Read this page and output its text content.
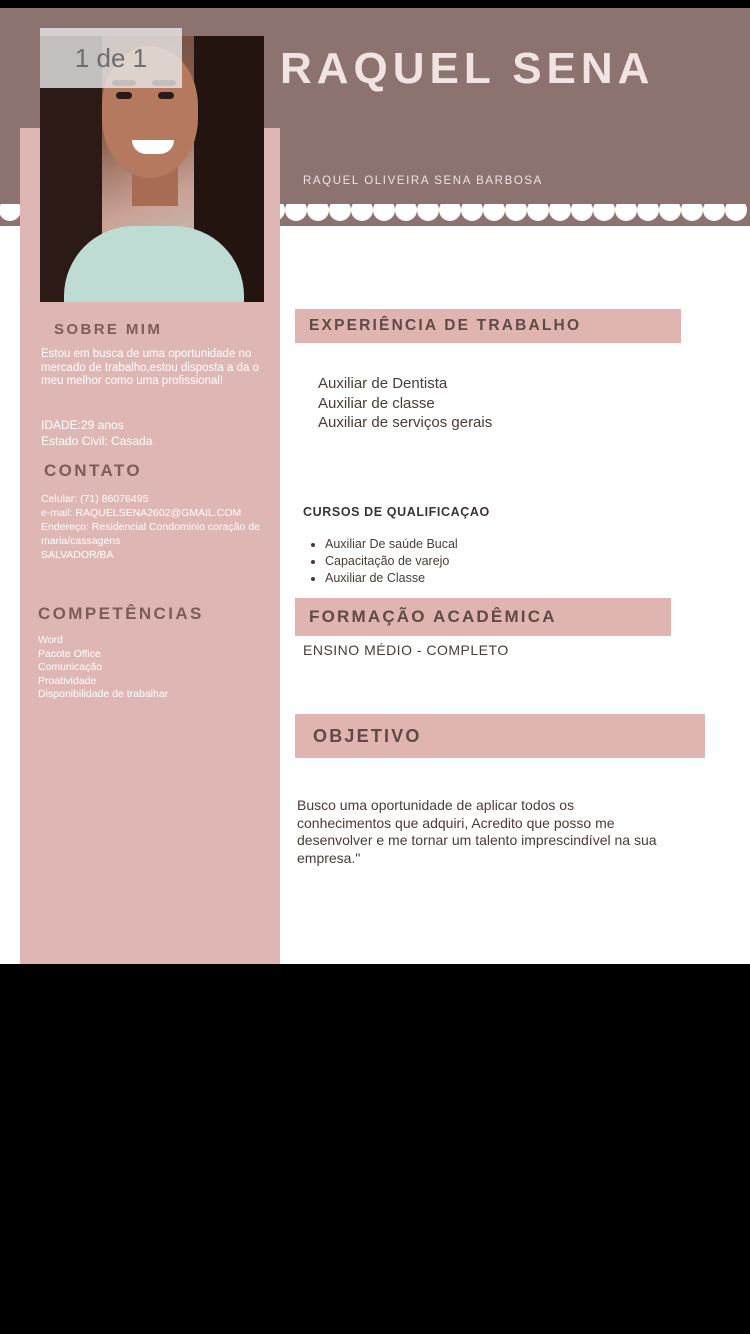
RAQUEL SENA
RAQUEL OLIVEIRA SENA BARBOSA
SOBRE MIM
Estou em busca de uma oportunidade no mercado de trabalho,estou disposta a da o meu melhor como uma profissional!
IDADE:29 anos
Estado Civil: Casada
CONTATO
Celular: (71) 86076495
e-mail: RAQUELSENA2602@GMAIL.COM
Endereço: Residencial Condominio coração de maria/cassagens
SALVADOR/BA
COMPETÊNCIAS
Word
Pacote Office
Comunicação
Proatividade
Disponibilidade de trabalhar
EXPERIÊNCIA DE TRABALHO
Auxiliar de Dentista
Auxiliar de classe
Auxiliar de serviços gerais
CURSOS DE QUALIFICAÇAO
• Auxiliar De saúde Bucal
• Capacitação de varejo
• Auxiliar de Classe
FORMAÇÃO ACADÊMICA
ENSINO MÉDIO - COMPLETO
OBJETIVO
Busco uma oportunidade de aplicar todos os conhecimentos que adquiri, Acredito que posso me desenvolver e me tornar um talento imprescindível na sua empresa."
1 de 1
